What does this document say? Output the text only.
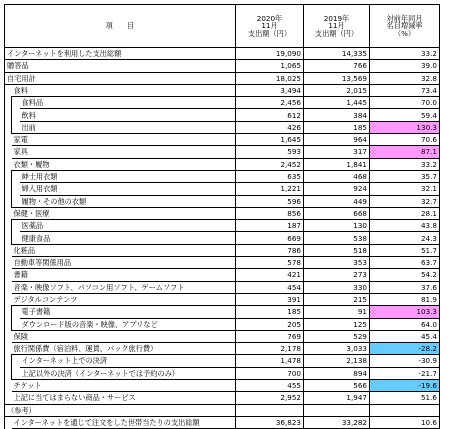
項　　目			2020年
11月
支出額（円）	2019年
11月
支出額（円）	対前年同月
名目増減率
（%）

インターネットを利用した支出総額			19,090	14,335	33.2
贈答品			1,065	766	39.0
自宅用計			18,025	13,569	32.8
	食料		3,494	2,015	73.4
		食料品	2,456	1,445	70.0
		飲料	612	384	59.4
		出前	426	185	130.3
	家電		1,645	964	70.6
	家具		593	317	87.1
	衣類・履物		2,452	1,841	33.2
		紳士用衣類	635	468	35.7
		婦人用衣類	1,221	924	32.1
		履物・その他の衣類	596	449	32.7
	保健・医療		856	668	28.1
		医薬品	187	130	43.8
		健康食品	669	538	24.3
	化粧品		786	518	51.7
	自動車等関係用品		578	353	63.7
	書籍		421	273	54.2
	音楽・映像ソフト、パソコン用ソフト、ゲームソフト		454	330	37.6
	デジタルコンテンツ		391	215	81.9
		電子書籍	185	91	103.3
		ダウンロード版の音楽・映像、アプリなど	205	125	64.0
	保険		769	529	45.4
	旅行関係費（宿泊料、運賃、パック旅行費）		2,178	3,033	-28.2
		インターネット上での決済	1,478	2,138	-30.9
		上記以外の決済（インターネットでは予約のみ）	700	894	-21.7
	チケット		455	566	-19.6
	上記に当てはまらない商品・サービス		2,952	1,947	51.6
（参考）					
	インターネットを通じて注文をした世帯当たりの支出総額		36,823	33,282	10.6
